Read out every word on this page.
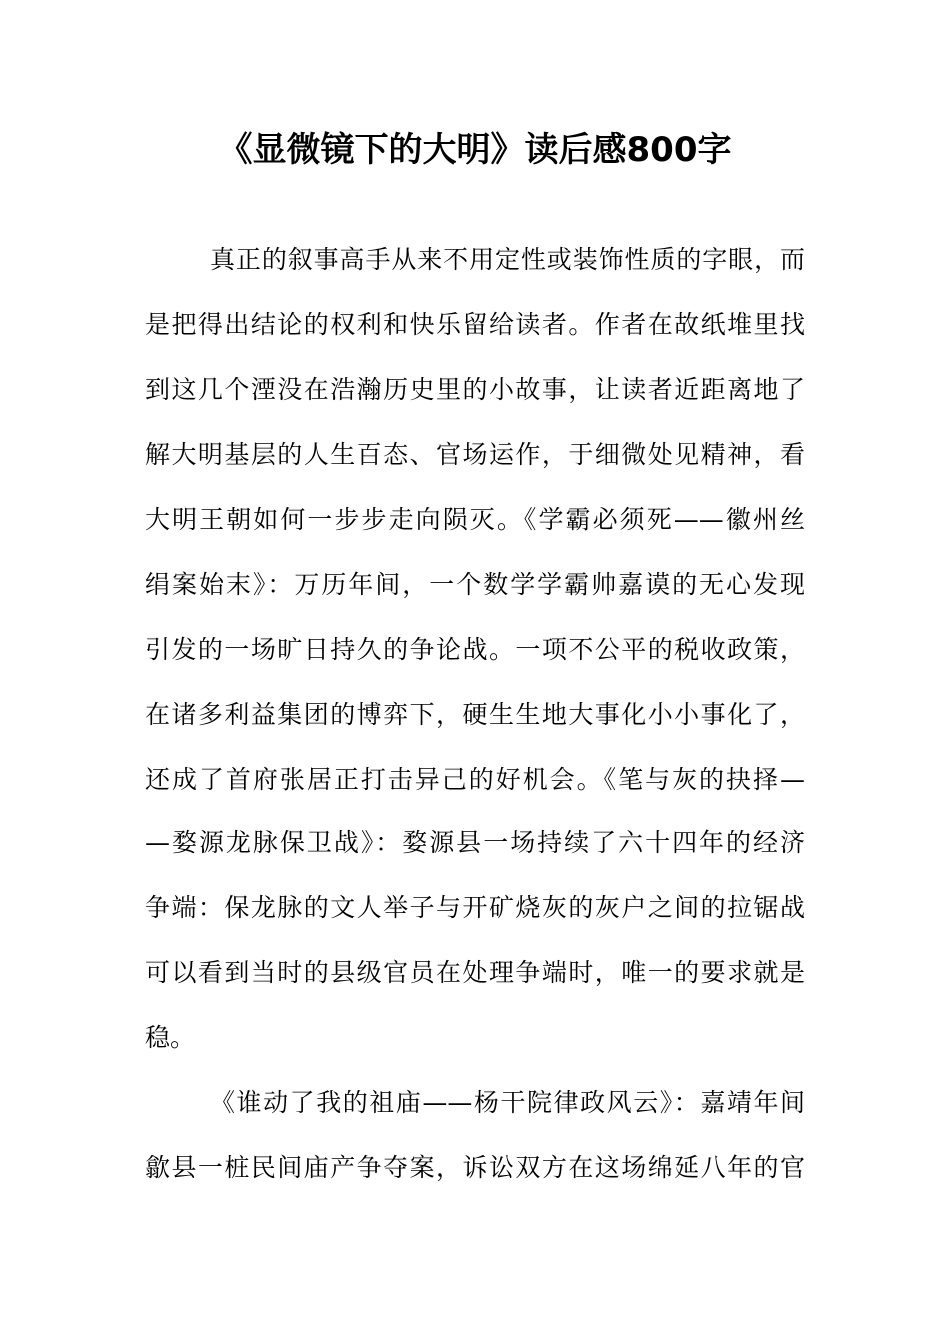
《显微镜下的大明》读后感800字

真正的叙事高手从来不用定性或装饰性质的字眼，而

是把得出结论的权利和快乐留给读者。作者在故纸堆里找

到这几个湮没在浩瀚历史里的小故事，让读者近距离地了

解大明基层的人生百态、官场运作，于细微处见精神，看

大明王朝如何一步步走向陨灭。《学霸必须死——徽州丝

绢案始末》：万历年间，一个数学学霸帅嘉谟的无心发现

引发的一场旷日持久的争论战。一项不公平的税收政策，

在诸多利益集团的博弈下，硬生生地大事化小小事化了，

还成了首府张居正打击异己的好机会。《笔与灰的抉择—

—婺源龙脉保卫战》：婺源县一场持续了六十四年的经济

争端：保龙脉的文人举子与开矿烧灰的灰户之间的拉锯战

可以看到当时的县级官员在处理争端时，唯一的要求就是

稳。

《谁动了我的祖庙——杨干院律政风云》：嘉靖年间

歙县一桩民间庙产争夺案，诉讼双方在这场绵延八年的官
